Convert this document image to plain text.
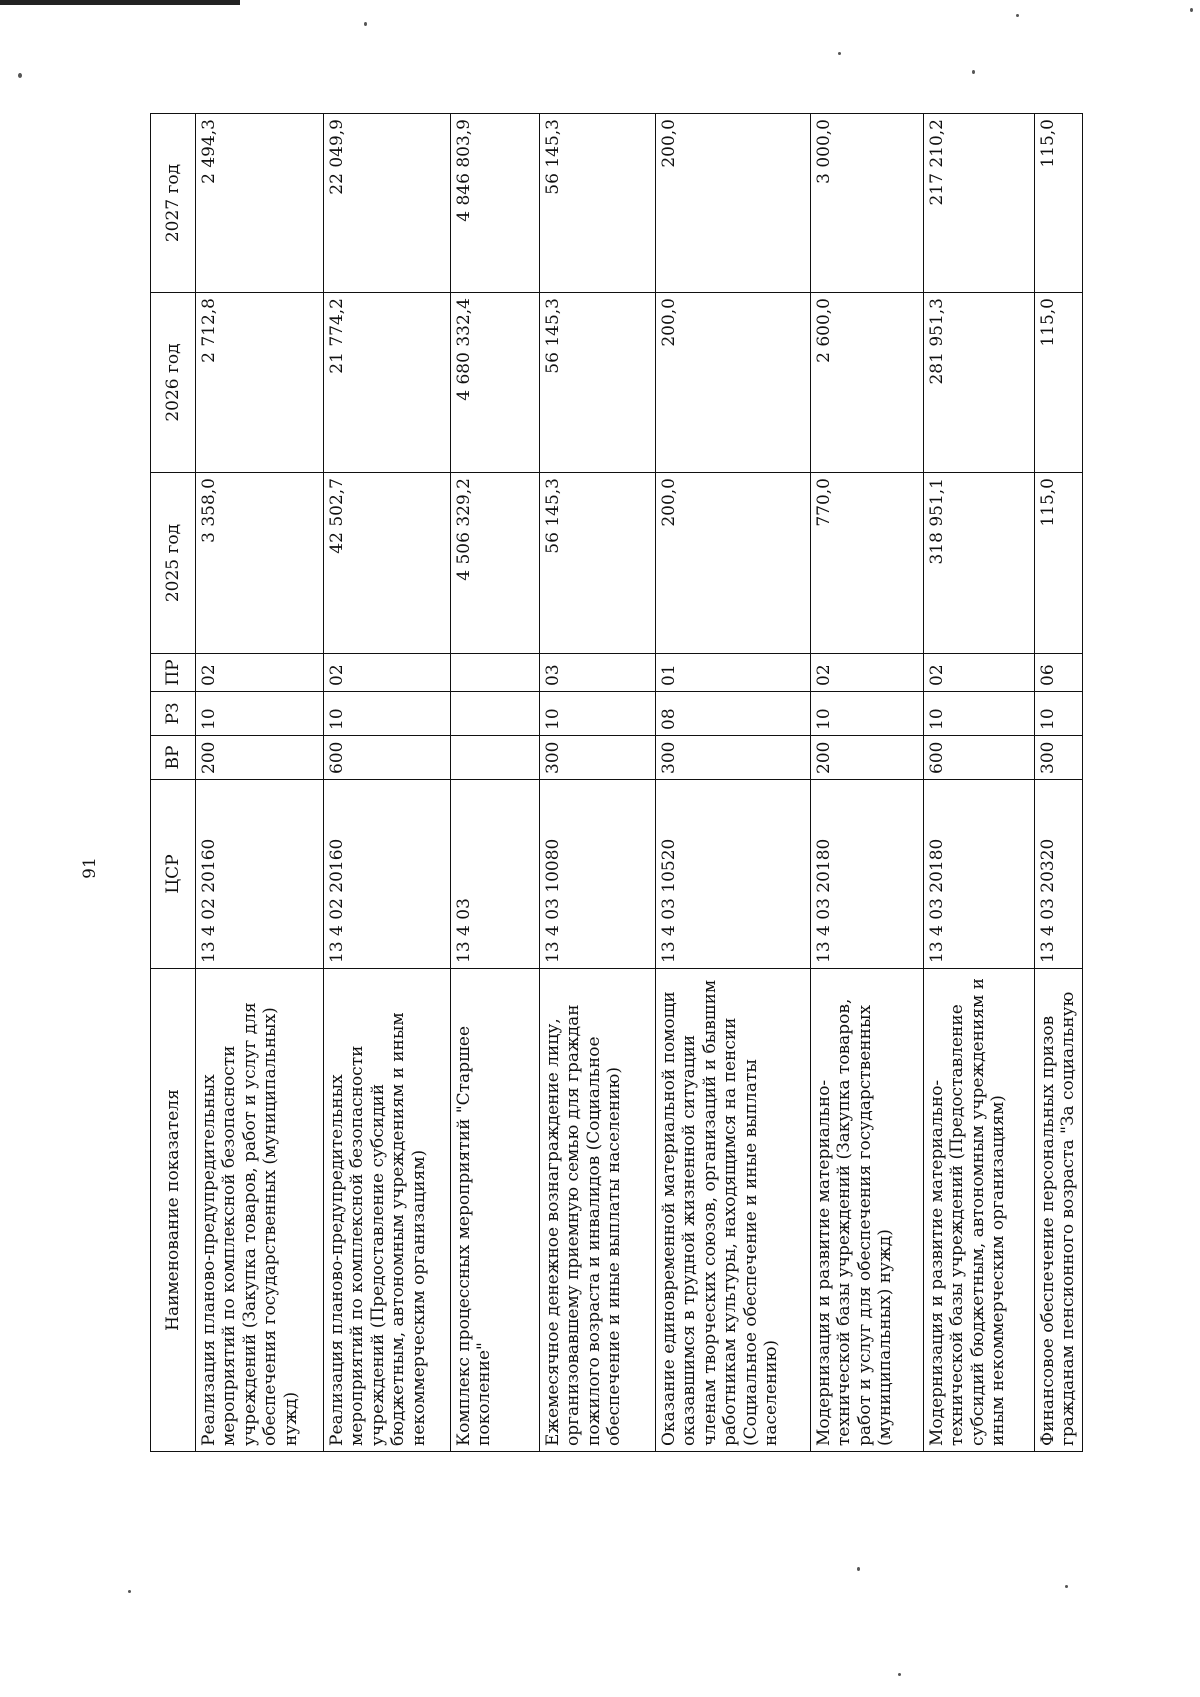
91
Наименование показателя	ЦСР	ВР	РЗ	ПР	2025 год	2026 год	2027 год
Реализация планово-предупредительных мероприятий по комплексной безопасности учреждений (Закупка товаров, работ и услуг для обеспечения государственных (муниципальных) нужд)	13 4 02 20160	200	10	02	3 358,0	2 712,8	2 494,3
Реализация планово-предупредительных мероприятий по комплексной безопасности учреждений (Предоставление субсидий бюджетным, автономным учреждениям и иным некоммерческим организациям)	13 4 02 20160	600	10	02	42 502,7	21 774,2	22 049,9
Комплекс процессных мероприятий "Старшее поколение"	13 4 03				4 506 329,2	4 680 332,4	4 846 803,9
Ежемесячное денежное вознаграждение лицу, организовавшему приемную семью для граждан пожилого возраста и инвалидов (Социальное обеспечение и иные выплаты населению)	13 4 03 10080	300	10	03	56 145,3	56 145,3	56 145,3
Оказание единовременной материальной помощи оказавшимся в трудной жизненной ситуации членам творческих союзов, организаций и бывшим работникам культуры, находящимся на пенсии (Социальное обеспечение и иные выплаты населению)	13 4 03 10520	300	08	01	200,0	200,0	200,0
Модернизация и развитие материально-технической базы учреждений (Закупка товаров, работ и услуг для обеспечения государственных (муниципальных) нужд)	13 4 03 20180	200	10	02	770,0	2 600,0	3 000,0
Модернизация и развитие материально-технической базы учреждений (Предоставление субсидий бюджетным, автономным учреждениям и иным некоммерческим организациям)	13 4 03 20180	600	10	02	318 951,1	281 951,3	217 210,2
Финансовое обеспечение персональных призов гражданам пенсионного возраста "За социальную	13 4 03 20320	300	10	06	115,0	115,0	115,0
